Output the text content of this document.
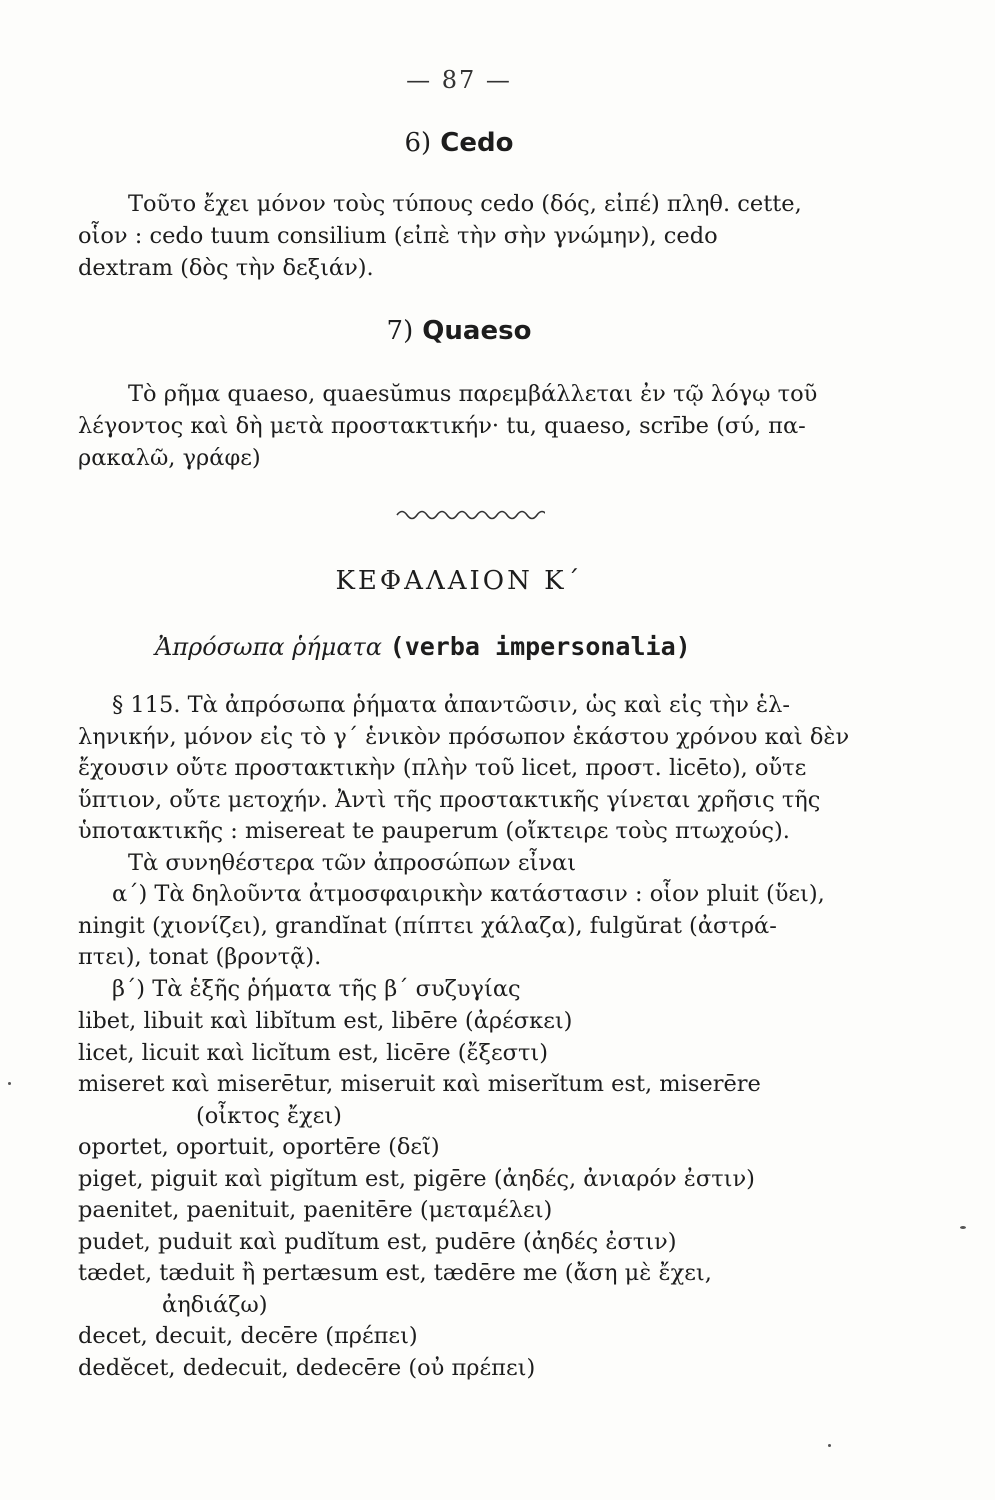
— 87 —
6) Cedo
Τοῦτο ἔχει μόνον τοὺς τύπους cedo (δός, εἰπέ) πληθ. cette,
οἷον : cedo tuum consilium (εἰπὲ τὴν σὴν γνώμην), cedo
dextram (δὸς τὴν δεξιάν).
7) Quaeso
Τὸ ρῆμα quaeso, quaesŭmus παρεμβάλλεται ἐν τῷ λόγῳ τοῦ
λέγοντος καὶ δὴ μετὰ προστακτικήν· tu, quaeso, scrībe (σύ, πα-
ρακαλῶ, γράφε)
ΚΕΦΑΛΑΙΟΝ Κ΄
Ἀπρόσωπα ῥήματα (verba impersonalia)
§ 115. Τὰ ἀπρόσωπα ῥήματα ἀπαντῶσιν, ὡς καὶ εἰς τὴν ἑλ-
ληνικήν, μόνον εἰς τὸ γ΄ ἑνικὸν πρόσωπον ἑκάστου χρόνου καὶ δὲν
ἔχουσιν οὔτε προστακτικὴν (πλὴν τοῦ licet, προστ. licēto), οὔτε
ὕπτιον, οὔτε μετοχήν. Ἀντὶ τῆς προστακτικῆς γίνεται χρῆσις τῆς
ὑποτακτικῆς : misereat te pauperum (οἴκτειρε τοὺς πτωχούς).
Τὰ συνηθέστερα τῶν ἀπροσώπων εἶναι
α΄) Τὰ δηλοῦντα ἀτμοσφαιρικὴν κατάστασιν : οἷον pluit (ὕει),
ningit (χιονίζει), grandĭnat (πίπτει χάλαζα), fulgŭrat (ἀστρά-
πτει), tonat (βροντᾷ).
β΄) Τὰ ἑξῆς ῥήματα τῆς β΄ συζυγίας
libet, libuit καὶ libĭtum est, libēre (ἀρέσκει)
licet, licuit καὶ licĭtum est, licēre (ἔξεστι)
miseret καὶ miserētur, miseruit καὶ miserĭtum est, miserēre
(οἶκτος ἔχει)
oportet, oportuit, oportēre (δεῖ)
piget, piguit καὶ pigĭtum est, pigēre (ἀηδές, ἀνιαρόν ἐστιν)
paenitet, paenituit, paenitēre (μεταμέλει)
pudet, puduit καὶ pudĭtum est, pudēre (ἀηδές ἐστιν)
tædet, tæduit ἢ pertæsum est, tædēre me (ἄση μὲ ἔχει,
ἀηδιάζω)
decet, decuit, decēre (πρέπει)
dedĕcet, dedecuit, dedecēre (οὐ πρέπει)
